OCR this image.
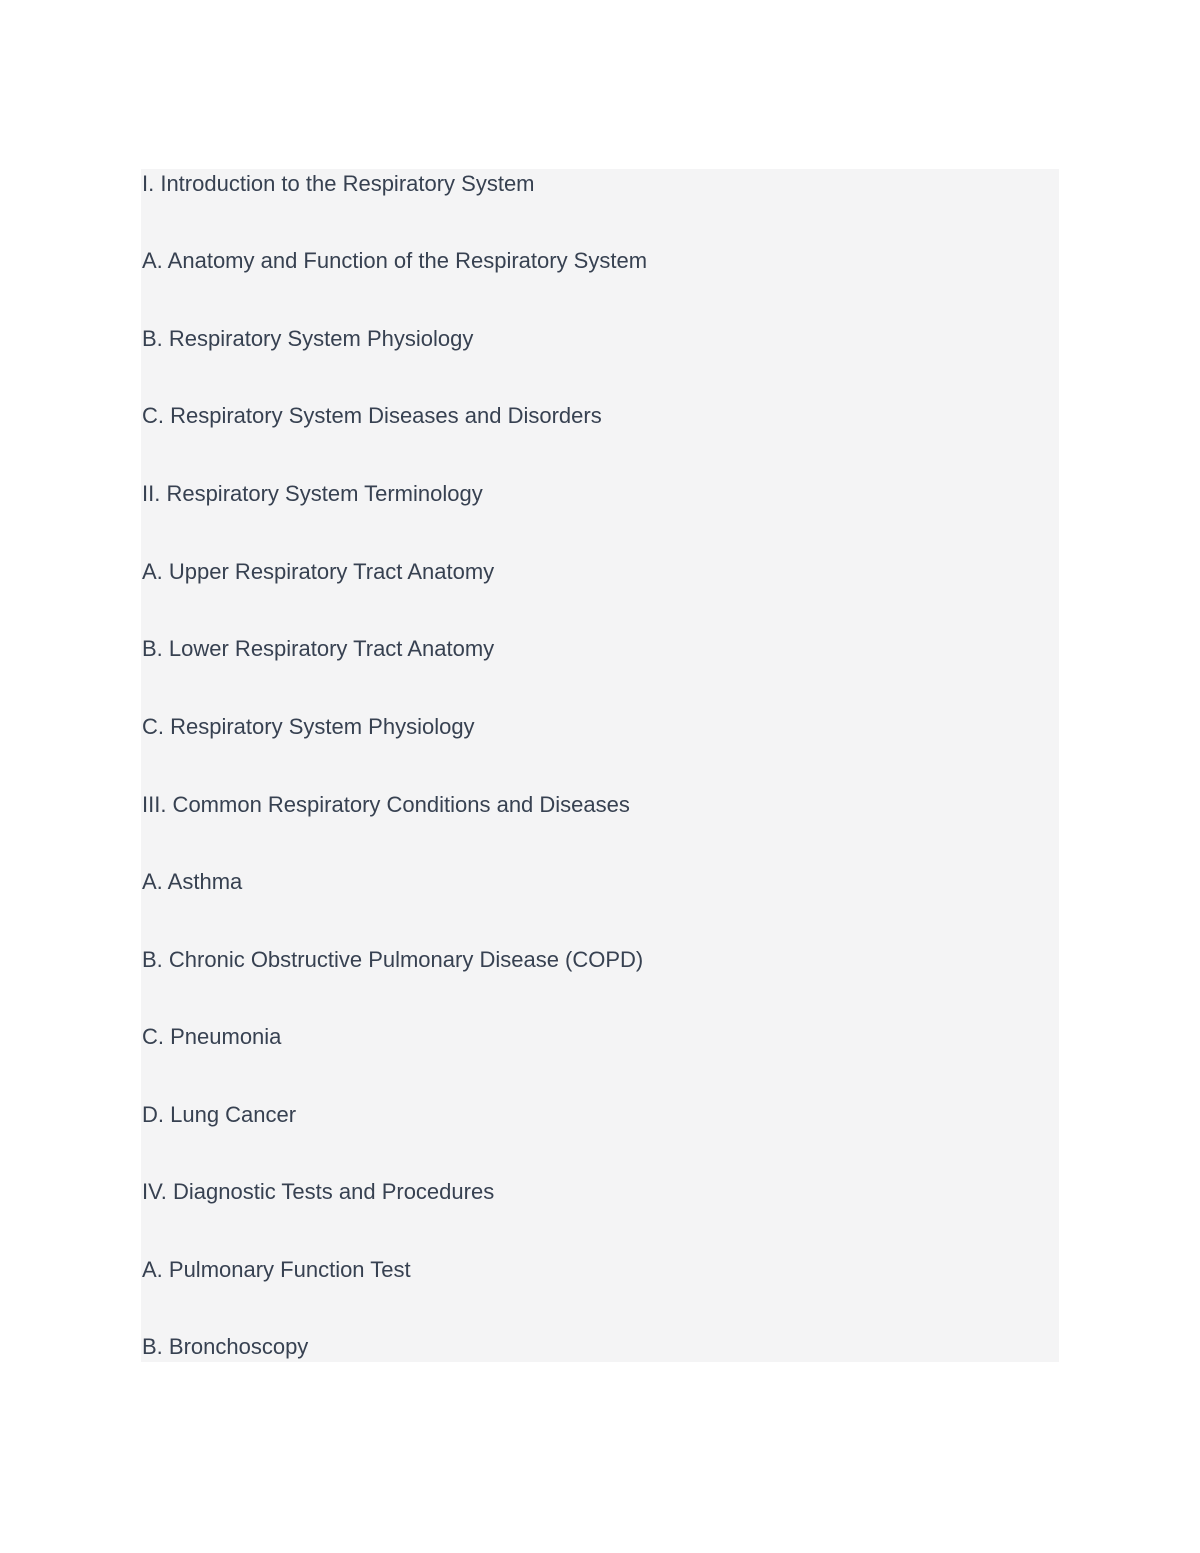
I. Introduction to the Respiratory System
A. Anatomy and Function of the Respiratory System
B. Respiratory System Physiology
C. Respiratory System Diseases and Disorders
II. Respiratory System Terminology
A. Upper Respiratory Tract Anatomy
B. Lower Respiratory Tract Anatomy
C. Respiratory System Physiology
III. Common Respiratory Conditions and Diseases
A. Asthma
B. Chronic Obstructive Pulmonary Disease (COPD)
C. Pneumonia
D. Lung Cancer
IV. Diagnostic Tests and Procedures
A. Pulmonary Function Test
B. Bronchoscopy
